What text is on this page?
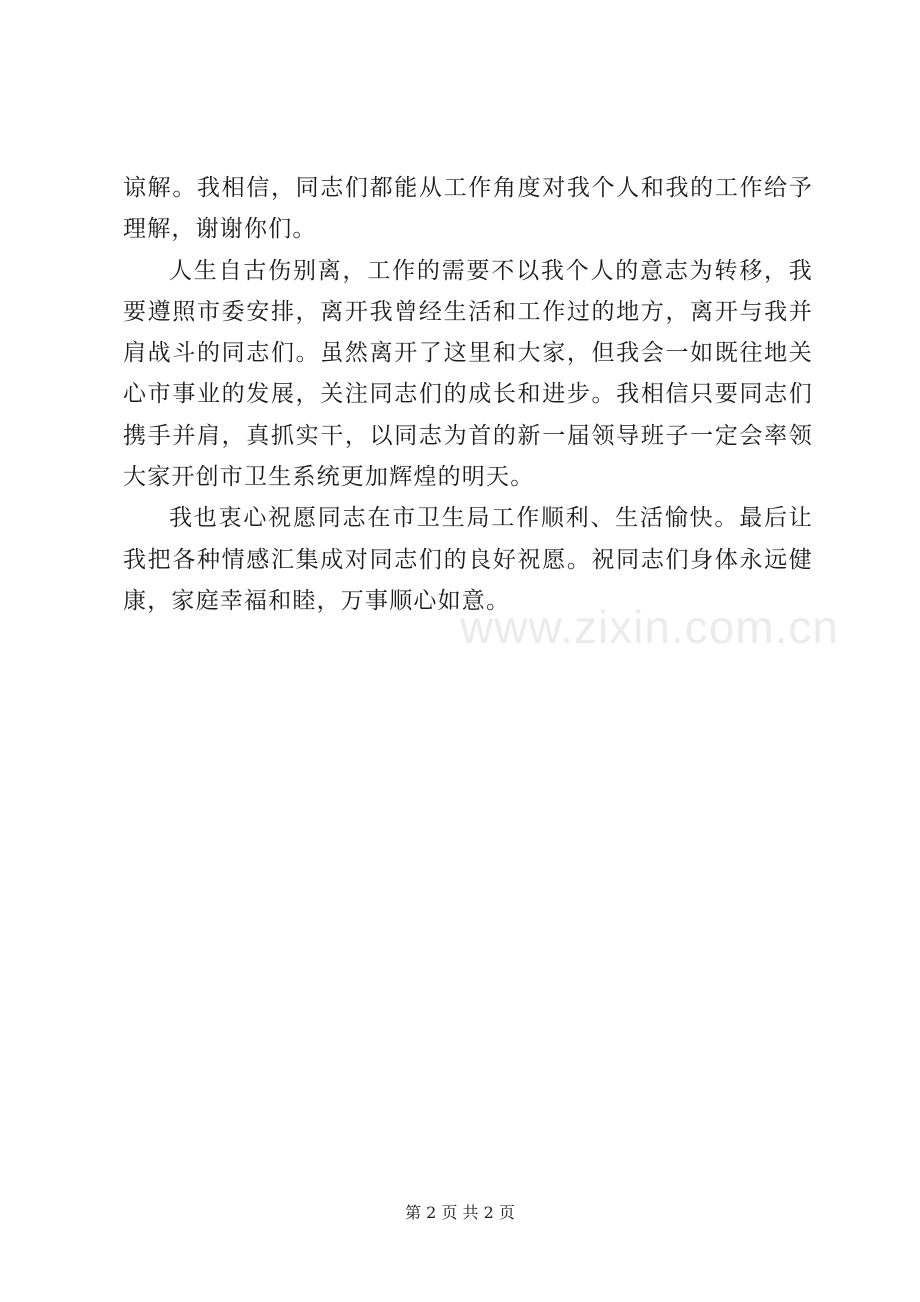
谅解。我相信，同志们都能从工作角度对我个人和我的工作给予理解，谢谢你们。

人生自古伤别离，工作的需要不以我个人的意志为转移，我要遵照市委安排，离开我曾经生活和工作过的地方，离开与我并肩战斗的同志们。虽然离开了这里和大家，但我会一如既往地关心市事业的发展，关注同志们的成长和进步。我相信只要同志们携手并肩，真抓实干，以同志为首的新一届领导班子一定会率领大家开创市卫生系统更加辉煌的明天。

我也衷心祝愿同志在市卫生局工作顺利、生活愉快。最后让我把各种情感汇集成对同志们的良好祝愿。祝同志们身体永远健康，家庭幸福和睦，万事顺心如意。

www.zixin.com.cn
第 2 页 共 2 页
